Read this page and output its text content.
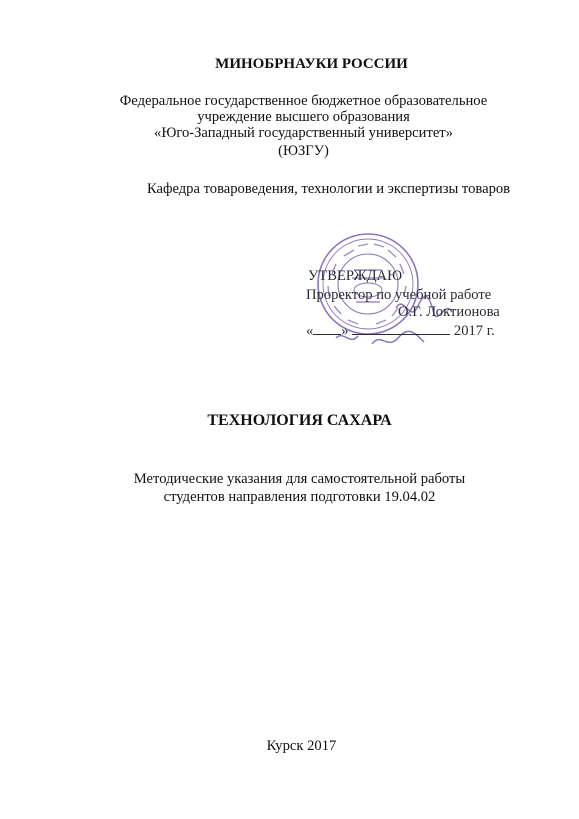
МИНОБРНАУКИ РОССИИ
Федеральное государственное бюджетное образовательное
учреждение высшего образования
«Юго-Западный государственный университет»
(ЮЗГУ)
Кафедра товароведения, технологии и экспертизы товаров
УТВЕРЖДАЮ
Проректор по учебной работе
О.Г. Локтионова
« »	2017 г.
ТЕХНОЛОГИЯ САХАРА
Методические указания для самостоятельной работы
студентов направления подготовки 19.04.02
Курск 2017
